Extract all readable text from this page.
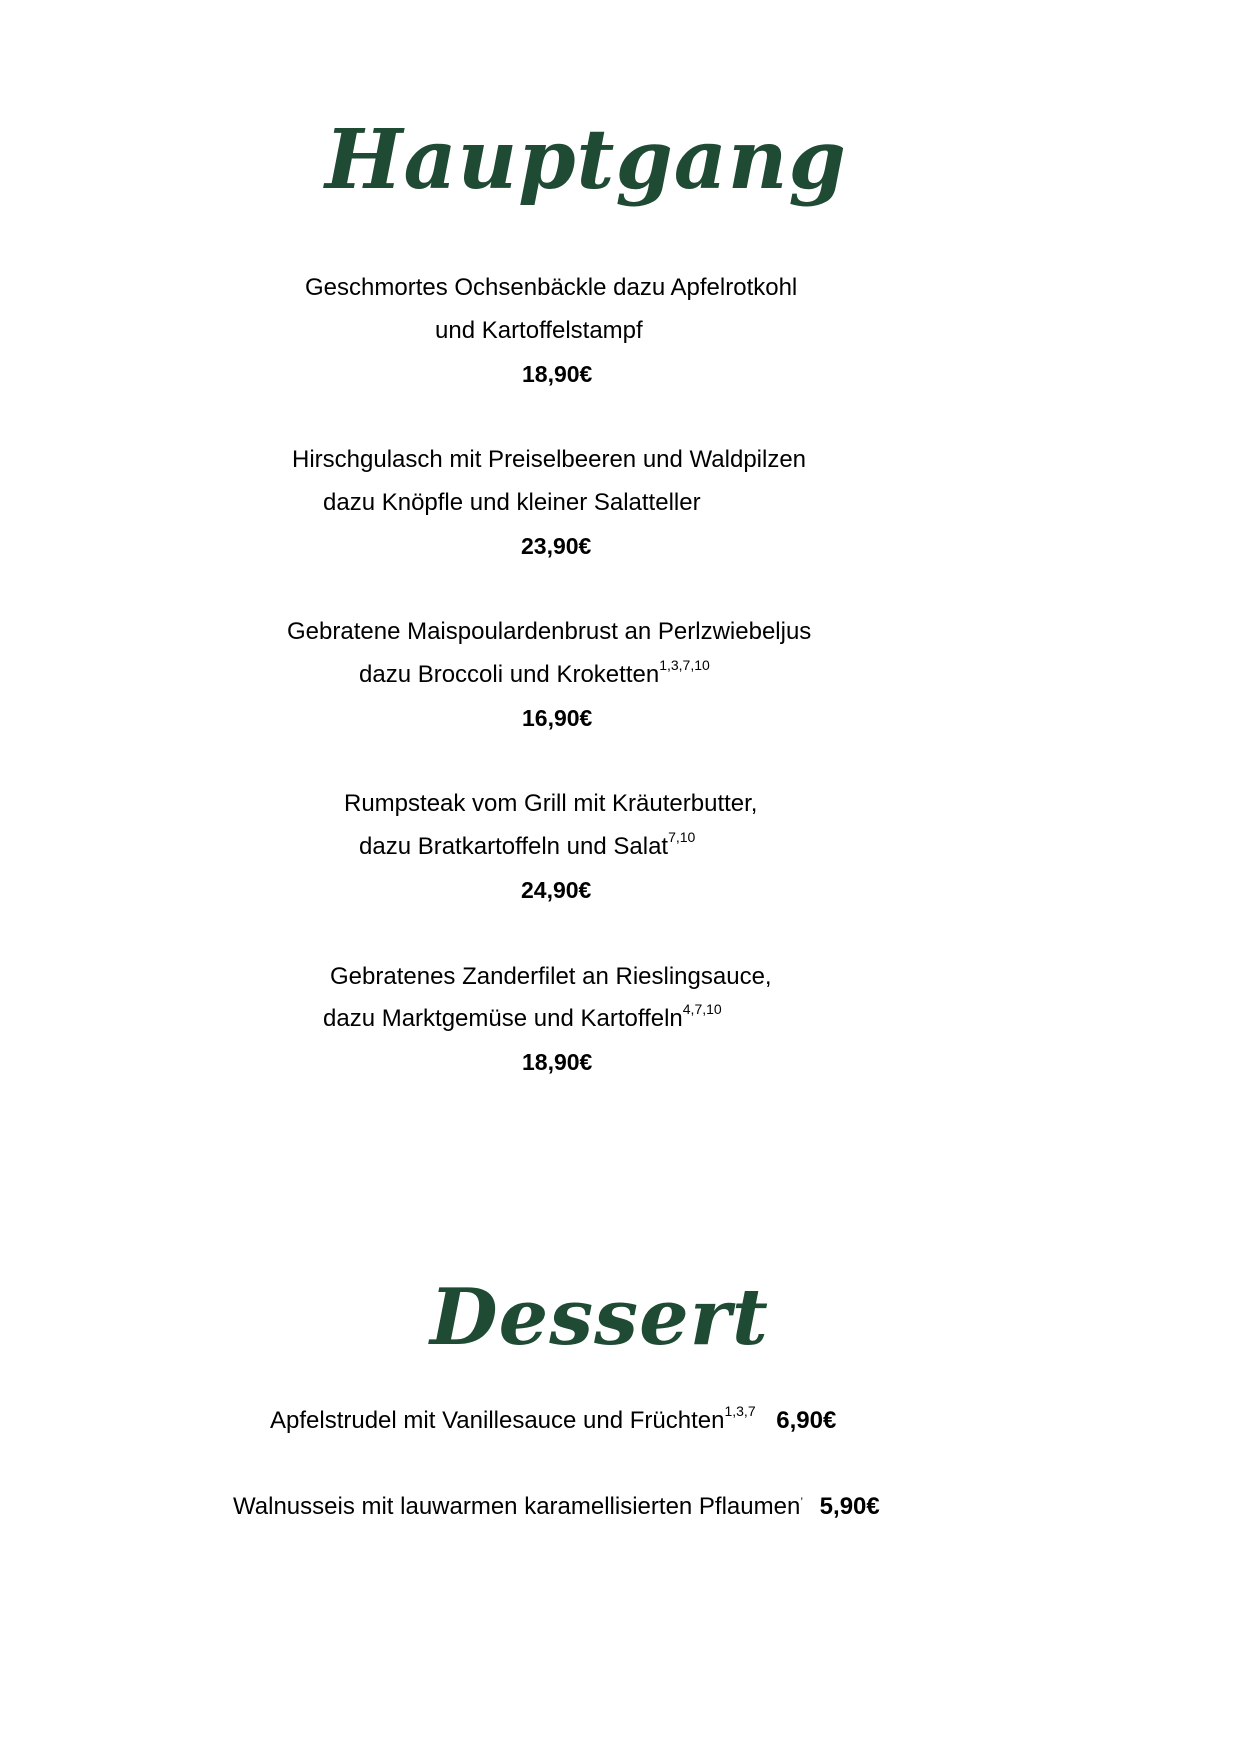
Hauptgang
Geschmortes Ochsenbäckle dazu Apfelrotkohl
und Kartoffelstampf
18,90€
Hirschgulasch mit Preiselbeeren und Waldpilzen
dazu Knöpfle und kleiner Salatteller
23,90€
Gebratene Maispoulardenbrust an Perlzwiebeljus
dazu Broccoli und Kroketten$^{1,3,7,10}$
16,90€
Rumpsteak vom Grill mit Kräuterbutter,
dazu Bratkartoffeln und Salat$^{7,10}$
24,90€
Gebratenes Zanderfilet an Rieslingsauce,
dazu Marktgemüse und Kartoffeln$^{4,7,10}$
18,90€
Dessert
Apfelstrudel mit Vanillesauce und Früchten$^{1,3,7}$ 6,90€
Walnusseis mit lauwarmen karamellisierten Pflaumen’ 5,90€
